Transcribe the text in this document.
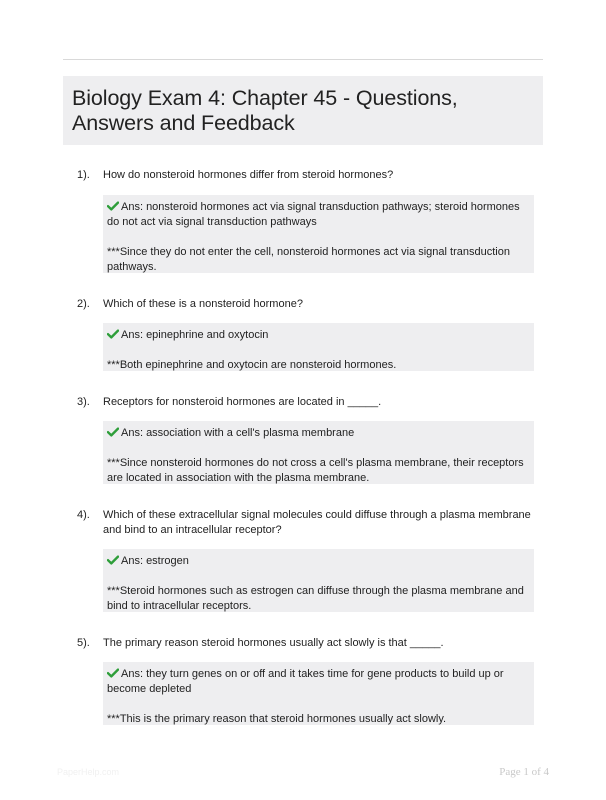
Biology Exam 4: Chapter 45 - Questions, Answers and Feedback
1). How do nonsteroid hormones differ from steroid hormones?
Ans: nonsteroid hormones act via signal transduction pathways; steroid hormones do not act via signal transduction pathways
***Since they do not enter the cell, nonsteroid hormones act via signal transduction pathways.
2). Which of these is a nonsteroid hormone?
Ans: epinephrine and oxytocin
***Both epinephrine and oxytocin are nonsteroid hormones.
3). Receptors for nonsteroid hormones are located in _____.
Ans: association with a cell's plasma membrane
***Since nonsteroid hormones do not cross a cell's plasma membrane, their receptors are located in association with the plasma membrane.
4). Which of these extracellular signal molecules could diffuse through a plasma membrane and bind to an intracellular receptor?
Ans: estrogen
***Steroid hormones such as estrogen can diffuse through the plasma membrane and bind to intracellular receptors.
5). The primary reason steroid hormones usually act slowly is that _____.
Ans: they turn genes on or off and it takes time for gene products to build up or become depleted
***This is the primary reason that steroid hormones usually act slowly.
PaperHelp.com	Page 1 of 4
